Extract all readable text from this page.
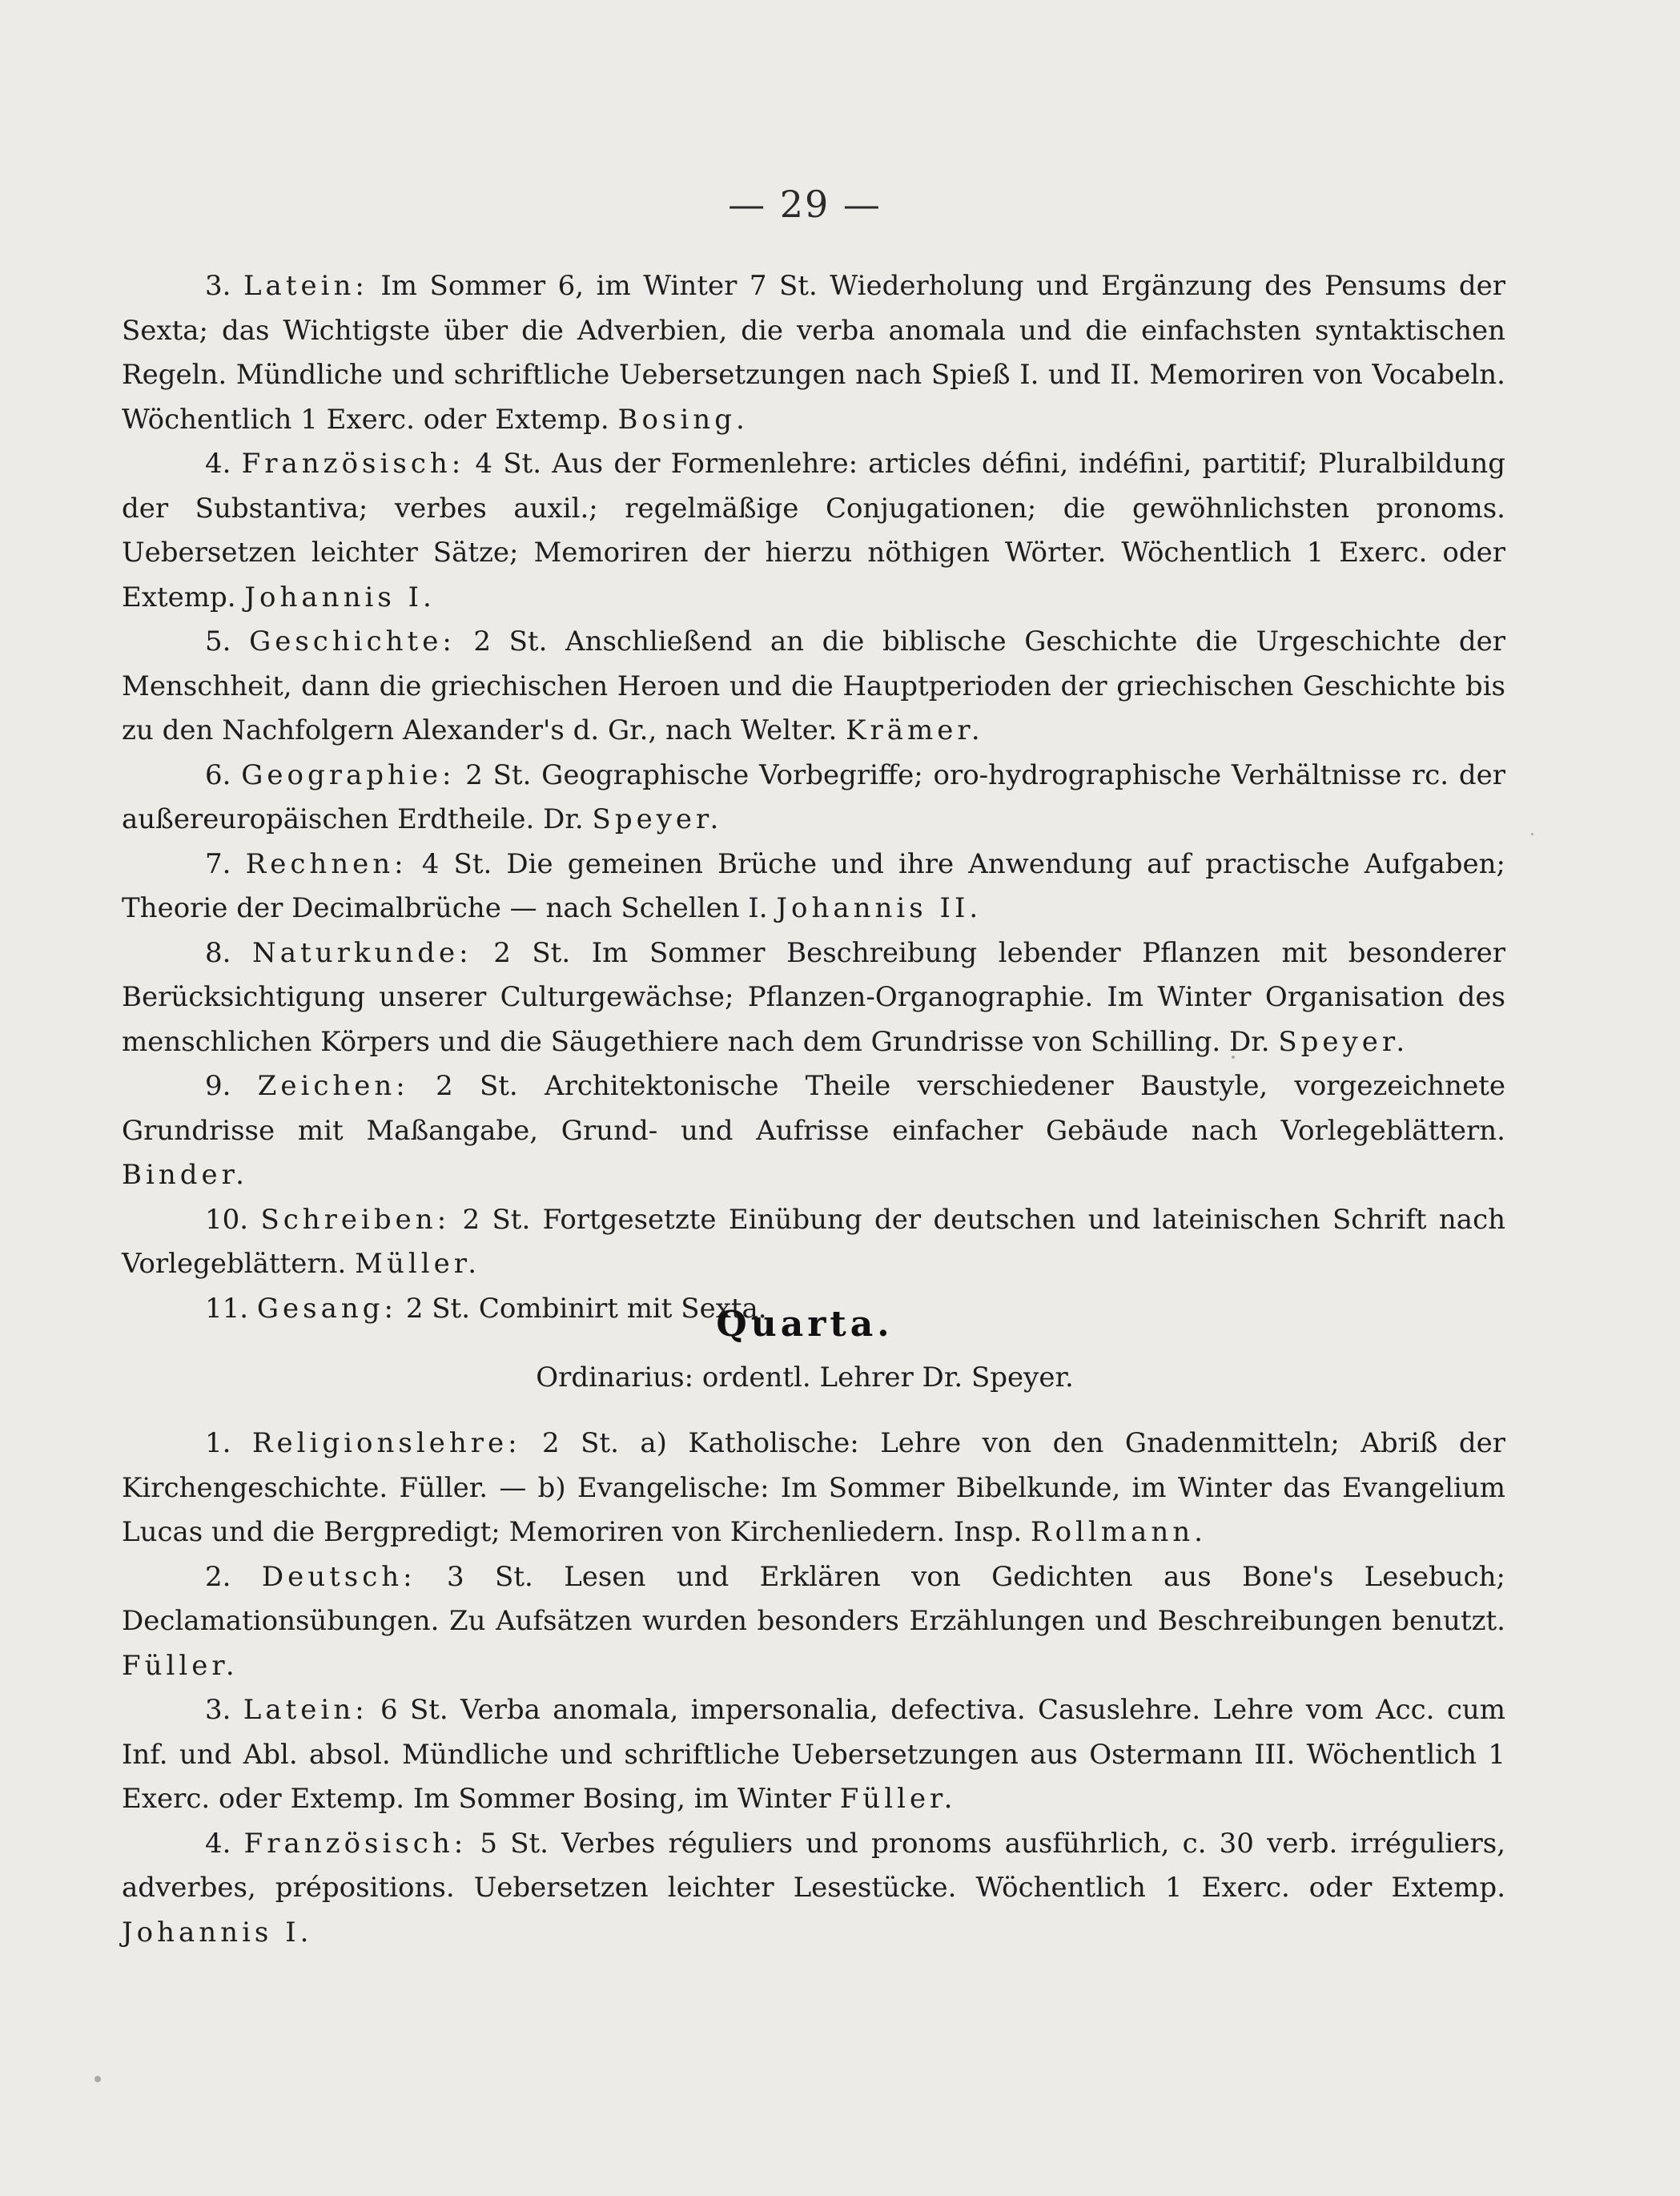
— 29 —

3. Latein: Im Sommer 6, im Winter 7 St. Wiederholung und Ergänzung des Pensums der Sexta; das Wichtigste über die Adverbien, die verba anomala und die einfachsten syntaktischen Regeln. Mündliche und schriftliche Uebersetzungen nach Spieß I. und II. Memoriren von Vocabeln. Wöchentlich 1 Exerc. oder Extemp. Bosing.

4. Französisch: 4 St. Aus der Formenlehre: articles défini, indéfini, partitif; Pluralbildung der Substantiva; verbes auxil.; regelmäßige Conjugationen; die gewöhnlichsten pronoms. Uebersetzen leichter Sätze; Memoriren der hierzu nöthigen Wörter. Wöchentlich 1 Exerc. oder Extemp. Johannis I.

5. Geschichte: 2 St. Anschließend an die biblische Geschichte die Urgeschichte der Menschheit, dann die griechischen Heroen und die Hauptperioden der griechischen Geschichte bis zu den Nachfolgern Alexander's d. Gr., nach Welter. Krämer.

6. Geographie: 2 St. Geographische Vorbegriffe; oro-hydrographische Verhältnisse rc. der außereuropäischen Erdtheile. Dr. Speyer.

7. Rechnen: 4 St. Die gemeinen Brüche und ihre Anwendung auf practische Aufgaben; Theorie der Decimalbrüche — nach Schellen I. Johannis II.

8. Naturkunde: 2 St. Im Sommer Beschreibung lebender Pflanzen mit besonderer Berücksichtigung unserer Culturgewächse; Pflanzen-Organographie. Im Winter Organisation des menschlichen Körpers und die Säugethiere nach dem Grundrisse von Schilling. Dr. Speyer.

9. Zeichen: 2 St. Architektonische Theile verschiedener Baustyle, vorgezeichnete Grundrisse mit Maßangabe, Grund- und Aufrisse einfacher Gebäude nach Vorlegeblättern. Binder.

10. Schreiben: 2 St. Fortgesetzte Einübung der deutschen und lateinischen Schrift nach Vorlegeblättern. Müller.

11. Gesang: 2 St. Combinirt mit Sexta.

Quarta.
Ordinarius: ordentl. Lehrer Dr. Speyer.

1. Religionslehre: 2 St. a) Katholische: Lehre von den Gnadenmitteln; Abriß der Kirchengeschichte. Füller. — b) Evangelische: Im Sommer Bibelkunde, im Winter das Evangelium Lucas und die Bergpredigt; Memoriren von Kirchenliedern. Insp. Rollmann.

2. Deutsch: 3 St. Lesen und Erklären von Gedichten aus Bone's Lesebuch; Declamationsübungen. Zu Aufsätzen wurden besonders Erzählungen und Beschreibungen benutzt. Füller.

3. Latein: 6 St. Verba anomala, impersonalia, defectiva. Casuslehre. Lehre vom Acc. cum Inf. und Abl. absol. Mündliche und schriftliche Uebersetzungen aus Ostermann III. Wöchentlich 1 Exerc. oder Extemp. Im Sommer Bosing, im Winter Füller.

4. Französisch: 5 St. Verbes réguliers und pronoms ausführlich, c. 30 verb. irréguliers, adverbes, prépositions. Uebersetzen leichter Lesestücke. Wöchentlich 1 Exerc. oder Extemp. Johannis I.
